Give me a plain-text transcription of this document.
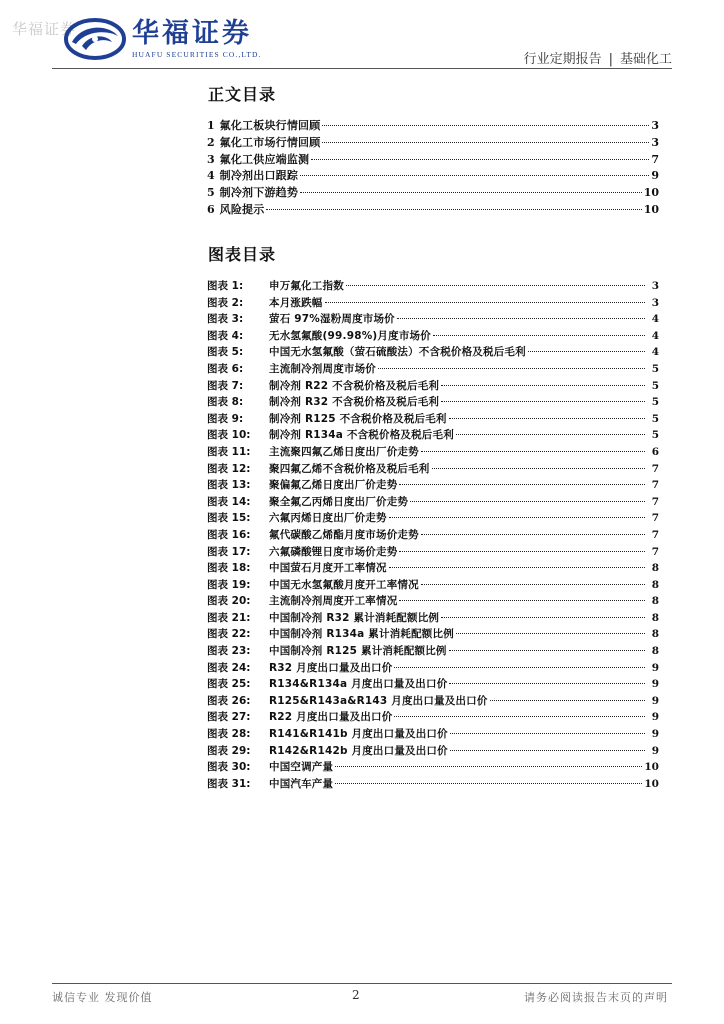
华福证券 华福证券
HUAFU SECURITIES CO.,LTD.	行业定期报告 | 基础化工
正文目录
1 氟化工板块行情回顾	3
2 氟化工市场行情回顾	3
3 氟化工供应端监测	7
4 制冷剂出口跟踪	9
5 制冷剂下游趋势	10
6 风险提示	10
图表目录
图表 1:	申万氟化工指数	3
图表 2:	本月涨跌幅	3
图表 3:	萤石 97%湿粉周度市场价	4
图表 4:	无水氢氟酸(99.98%)月度市场价	4
图表 5:	中国无水氢氟酸（萤石硫酸法）不含税价格及税后毛利	4
图表 6:	主流制冷剂周度市场价	5
图表 7:	制冷剂 R22 不含税价格及税后毛利	5
图表 8:	制冷剂 R32 不含税价格及税后毛利	5
图表 9:	制冷剂 R125 不含税价格及税后毛利	5
图表 10:	制冷剂 R134a 不含税价格及税后毛利	5
图表 11:	主流聚四氟乙烯日度出厂价走势	6
图表 12:	聚四氟乙烯不含税价格及税后毛利	7
图表 13:	聚偏氟乙烯日度出厂价走势	7
图表 14:	聚全氟乙丙烯日度出厂价走势	7
图表 15:	六氟丙烯日度出厂价走势	7
图表 16:	氟代碳酸乙烯酯月度市场价走势	7
图表 17:	六氟磷酸锂日度市场价走势	7
图表 18:	中国萤石月度开工率情况	8
图表 19:	中国无水氢氟酸月度开工率情况	8
图表 20:	主流制冷剂周度开工率情况	8
图表 21:	中国制冷剂 R32 累计消耗配额比例	8
图表 22:	中国制冷剂 R134a 累计消耗配额比例	8
图表 23:	中国制冷剂 R125 累计消耗配额比例	8
图表 24:	R32 月度出口量及出口价	9
图表 25:	R134&R134a 月度出口量及出口价	9
图表 26:	R125&R143a&R143 月度出口量及出口价	9
图表 27:	R22 月度出口量及出口价	9
图表 28:	R141&R141b 月度出口量及出口价	9
图表 29:	R142&R142b 月度出口量及出口价	9
图表 30:	中国空调产量	10
图表 31:	中国汽车产量	10
诚信专业 发现价值	2	请务必阅读报告末页的声明
